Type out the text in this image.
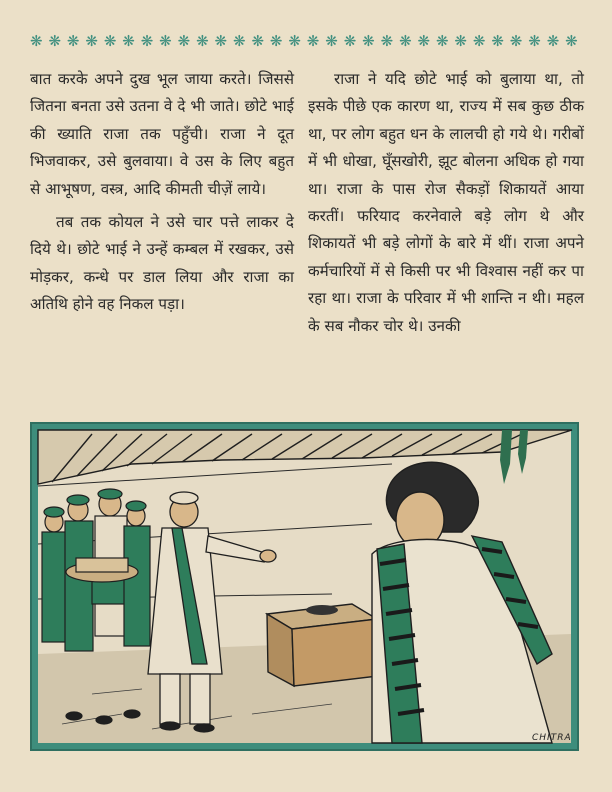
❋ ❋ ❋ ❋ ❋ ❋ ❋ ❋ ❋ ❋ ❋ ❋ ❋ ❋ ❋ ❋ ❋ ❋ ❋ ❋ ❋ ❋ ❋ ❋ ❋ ❋ ❋ ❋ ❋ ❋

बात करके अपने दुख भूल जाया करते। जिससे जितना बनता उसे उतना वे दे भी जाते। छोटे भाई की ख्याति राजा तक पहुँची। राजा ने दूत भिजवाकर, उसे बुलवाया। वे उस के लिए बहुत से आभूषण, वस्त्र, आदि कीमती चीज़ें लाये।

तब तक कोयल ने उसे चार पत्ते लाकर दे दिये थे। छोटे भाई ने उन्हें कम्बल में रखकर, उसे मोड़कर, कन्धे पर डाल लिया और राजा का अतिथि होने वह निकल पड़ा।

राजा ने यदि छोटे भाई को बुलाया था, तो इसके पीछे एक कारण था, राज्य में सब कुछ ठीक था, पर लोग बहुत धन के लालची हो गये थे। गरीबों में भी धोखा, घूँसखोरी, झूट बोलना अधिक हो गया था। राजा के पास रोज सैकड़ों शिकायतें आया करतीं। फरियाद करनेवाले बड़े लोग थे और शिकायतें भी बड़े लोगों के बारे में थीं। राजा अपने कर्मचारियों में से किसी पर भी विश्वास नहीं कर पा रहा था। राजा के परिवार में भी शान्ति न थी। महल के सब नौकर चोर थे। उनकी

CHITRA
